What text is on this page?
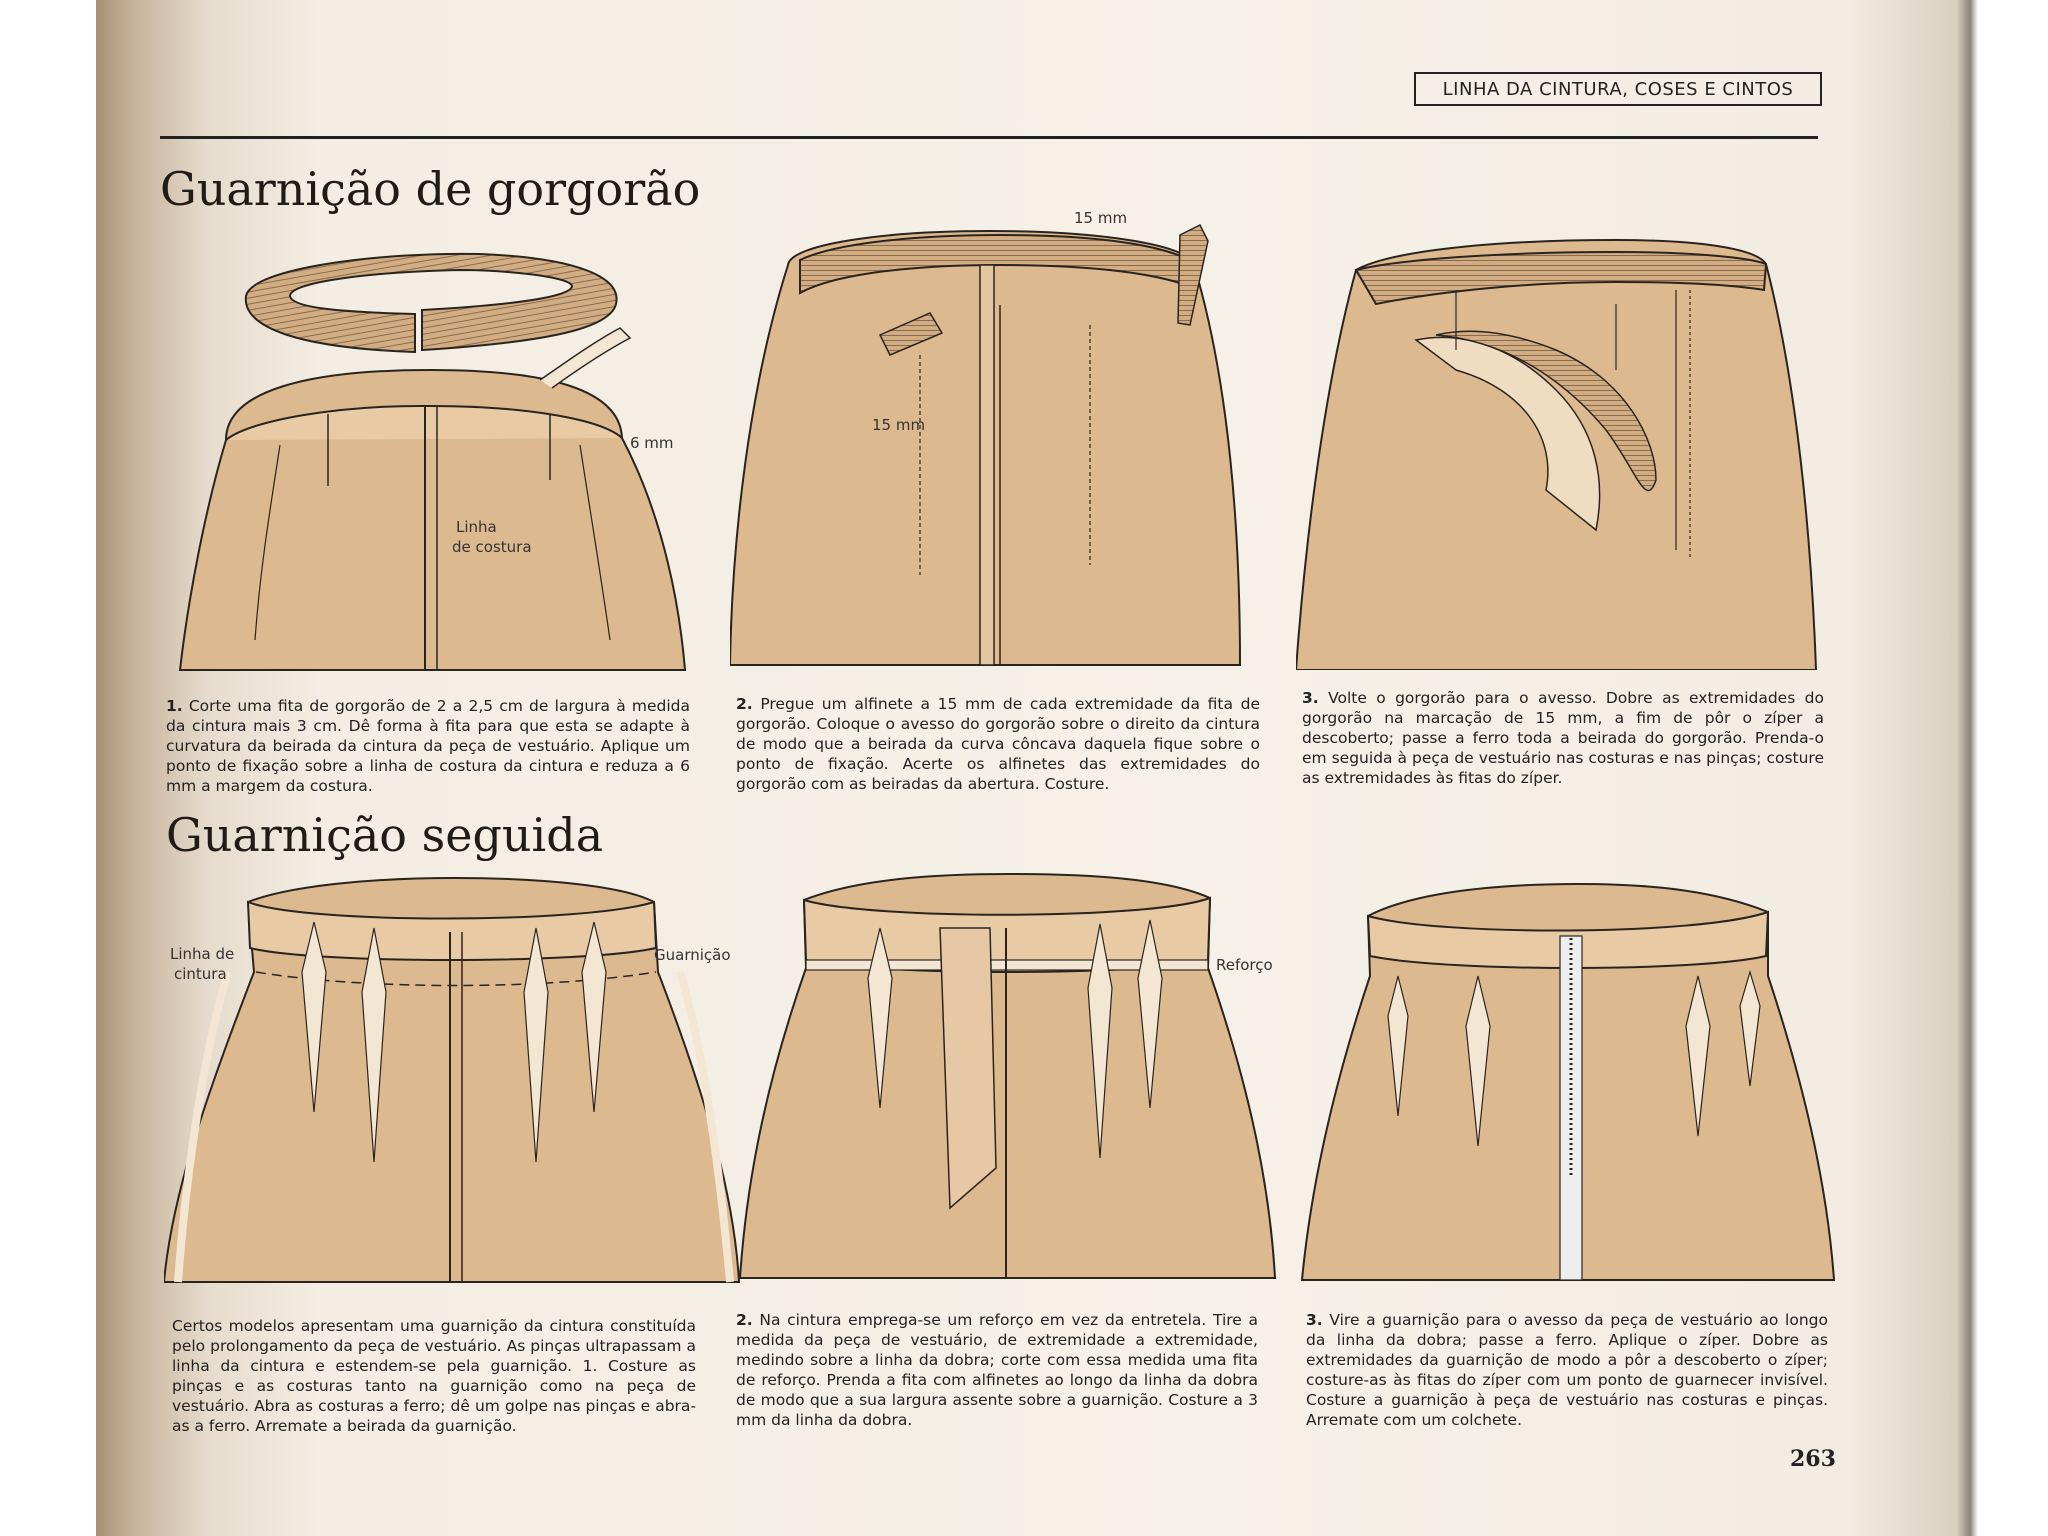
LINHA DA CINTURA, COSES E CINTOS
Guarnição de gorgorão
6 mm
Linha
de costura
15 mm
15 mm

1. Corte uma fita de gorgorão de 2 a 2,5 cm de largura à medida da cintura mais 3 cm. Dê forma à fita para que esta se adapte à curvatura da beirada da cintura da peça de vestuário. Aplique um ponto de fixação sobre a linha de costura da cintura e reduza a 6 mm a margem da costura.

2. Pregue um alfinete a 15 mm de cada extremidade da fita de gorgorão. Coloque o avesso do gorgorão sobre o direito da cintura de modo que a beirada da curva côncava daquela fique sobre o ponto de fixação. Acerte os alfinetes das extremidades do gorgorão com as beiradas da abertura. Costure.

3. Volte o gorgorão para o avesso. Dobre as extremidades do gorgorão na marcação de 15 mm, a fim de pôr o zíper a descoberto; passe a ferro toda a beirada do gorgorão. Prenda-o em seguida à peça de vestuário nas costuras e nas pinças; costure as extremidades às fitas do zíper.

Guarnição seguida
Linha de
cintura
Guarnição
Reforço

Certos modelos apresentam uma guarnição da cintura constituída pelo prolongamento da peça de vestuário. As pinças ultrapassam a linha da cintura e estendem-se pela guarnição. 1. Costure as pinças e as costuras tanto na guarnição como na peça de vestuário. Abra as costuras a ferro; dê um golpe nas pinças e abra-as a ferro. Arremate a beirada da guarnição.

2. Na cintura emprega-se um reforço em vez da entretela. Tire a medida da peça de vestuário, de extremidade a extremidade, medindo sobre a linha da dobra; corte com essa medida uma fita de reforço. Prenda a fita com alfinetes ao longo da linha da dobra de modo que a sua largura assente sobre a guarnição. Costure a 3 mm da linha da dobra.

3. Vire a guarnição para o avesso da peça de vestuário ao longo da linha da dobra; passe a ferro. Aplique o zíper. Dobre as extremidades da guarnição de modo a pôr a descoberto o zíper; costure-as às fitas do zíper com um ponto de guarnecer invisível. Costure a guarnição à peça de vestuário nas costuras e pinças. Arremate com um colchete.

263
